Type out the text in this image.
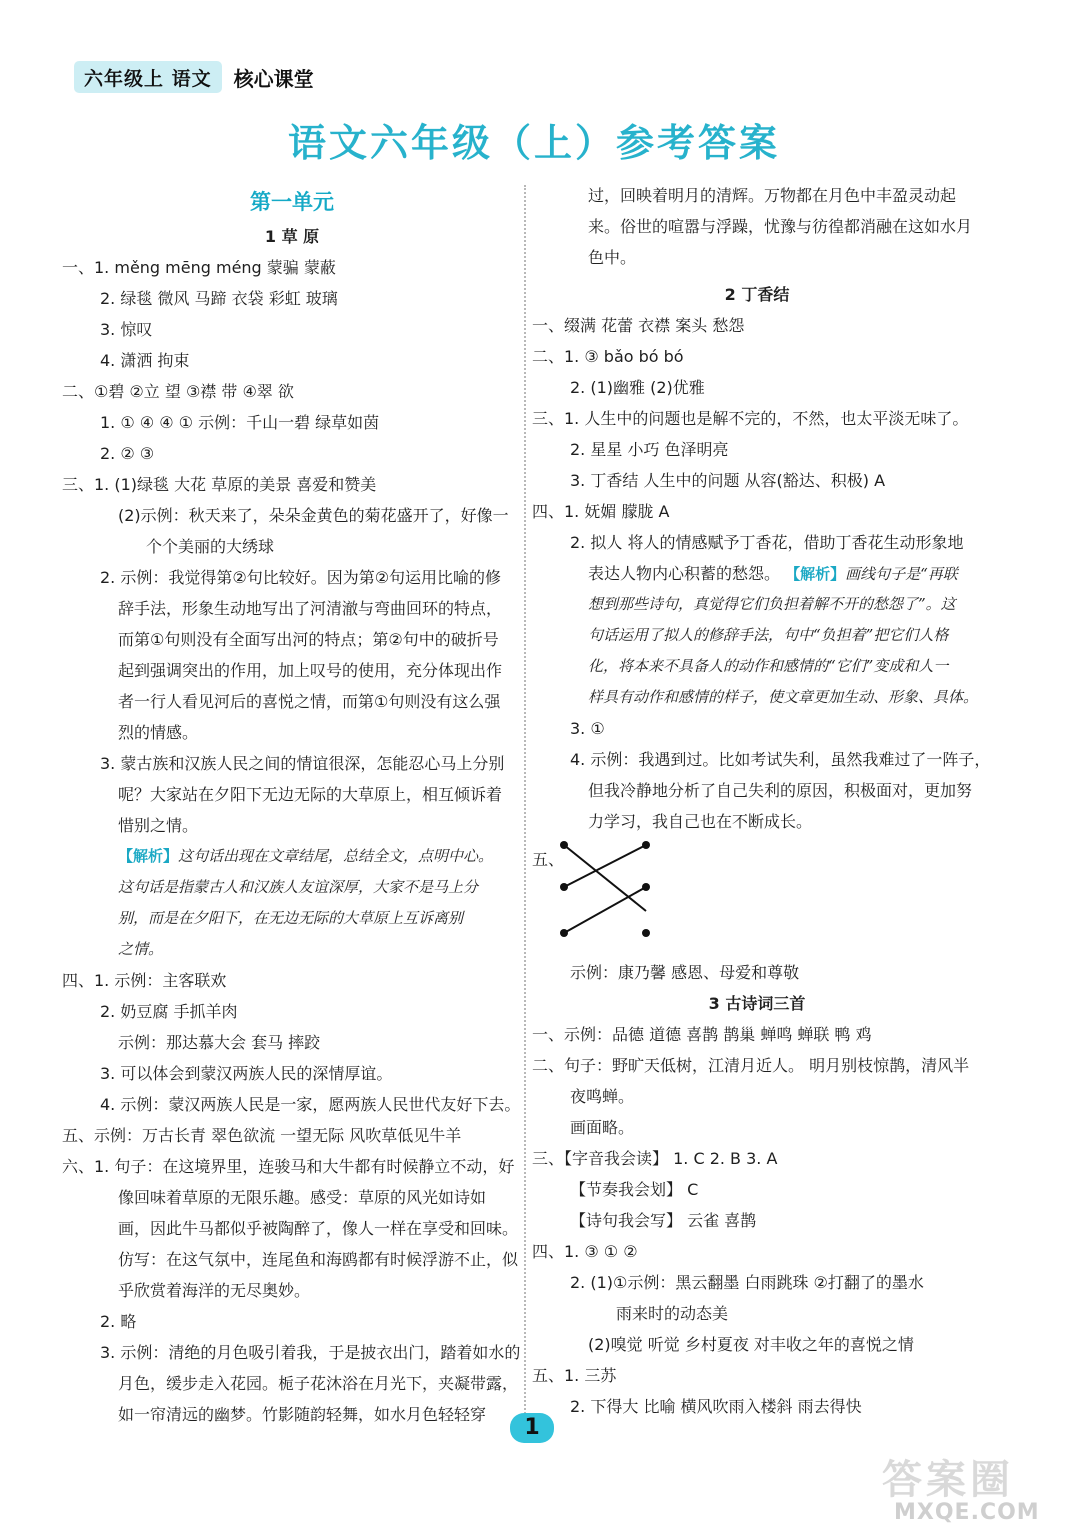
六年级上 语文	核心课堂
语文六年级（上）参考答案
第一单元
1 草 原
一、1. měng mēng méng 蒙骗 蒙蔽
2. 绿毯 微风 马蹄 衣袋 彩虹 玻璃
3. 惊叹
4. 潇洒 拘束
二、①碧 ②立 望 ③襟 带 ④翠 欲
1. ① ④ ④ ① 示例：千山一碧 绿草如茵
2. ② ③
三、1. (1)绿毯 大花 草原的美景 喜爱和赞美
(2)示例：秋天来了，朵朵金黄色的菊花盛开了，好像一
个个美丽的大绣球
2. 示例：我觉得第②句比较好。因为第②句运用比喻的修
辞手法，形象生动地写出了河清澈与弯曲回环的特点，
而第①句则没有全面写出河的特点；第②句中的破折号
起到强调突出的作用，加上叹号的使用，充分体现出作
者一行人看见河后的喜悦之情，而第①句则没有这么强
烈的情感。
3. 蒙古族和汉族人民之间的情谊很深，怎能忍心马上分别
呢？大家站在夕阳下无边无际的大草原上，相互倾诉着
惜别之情。
【解析】这句话出现在文章结尾，总结全文，点明中心。
这句话是指蒙古人和汉族人友谊深厚，大家不是马上分
别，而是在夕阳下，在无边无际的大草原上互诉离别
之情。
四、1. 示例：主客联欢
2. 奶豆腐 手抓羊肉
示例：那达慕大会 套马 摔跤
3. 可以体会到蒙汉两族人民的深情厚谊。
4. 示例：蒙汉两族人民是一家，愿两族人民世代友好下去。
五、示例：万古长青 翠色欲流 一望无际 风吹草低见牛羊
六、1. 句子：在这境界里，连骏马和大牛都有时候静立不动，好
像回味着草原的无限乐趣。感受：草原的风光如诗如
画，因此牛马都似乎被陶醉了，像人一样在享受和回味。
仿写：在这气氛中，连尾鱼和海鸥都有时候浮游不止，似
乎欣赏着海洋的无尽奥妙。
2. 略
3. 示例：清绝的月色吸引着我，于是披衣出门，踏着如水的
月色，缓步走入花园。栀子花沐浴在月光下，夹凝带露，
如一帘清远的幽梦。竹影随韵轻舞，如水月色轻轻穿
过，回映着明月的清辉。万物都在月色中丰盈灵动起
来。俗世的喧嚣与浮躁，忧豫与彷徨都消融在这如水月
色中。
2 丁香结
一、缀满 花蕾 衣襟 案头 愁怨
二、1. ③ bǎo bó bó
2. (1)幽雅 (2)优雅
三、1. 人生中的问题也是解不完的，不然，也太平淡无味了。
2. 星星 小巧 色泽明亮
3. 丁香结 人生中的问题 从容(豁达、积极) A
四、1. 妩媚 朦胧 A
2. 拟人 将人的情感赋予丁香花，借助丁香花生动形象地
表达人物内心积蓄的愁怨。 【解析】画线句子是“再联
想到那些诗句，真觉得它们负担着解不开的愁怨了”。这
句话运用了拟人的修辞手法，句中“负担着”把它们人格
化，将本来不具备人的动作和感情的“它们”变成和人一
样具有动作和感情的样子，使文章更加生动、形象、具体。
3. ①
4. 示例：我遇到过。比如考试失利，虽然我难过了一阵子，
但我冷静地分析了自己失利的原因，积极面对，更加努
力学习，我自己也在不断成长。
五、
示例：康乃馨 感恩、母爱和尊敬
3 古诗词三首
一、示例：品德 道德 喜鹊 鹊巢 蝉鸣 蝉联 鸭 鸡
二、句子：野旷天低树，江清月近人。 明月别枝惊鹊，清风半
夜鸣蝉。
画面略。
三、【字音我会读】 1. C 2. B 3. A
【节奏我会划】 C
【诗句我会写】 云雀 喜鹊
四、1. ③ ① ②
2. (1)①示例：黑云翻墨 白雨跳珠 ②打翻了的墨水
雨来时的动态美
(2)嗅觉 听觉 乡村夏夜 对丰收之年的喜悦之情
五、1. 三苏
2. 下得大 比喻 横风吹雨入楼斜 雨去得快
1
答案圈
MXQE.COM
